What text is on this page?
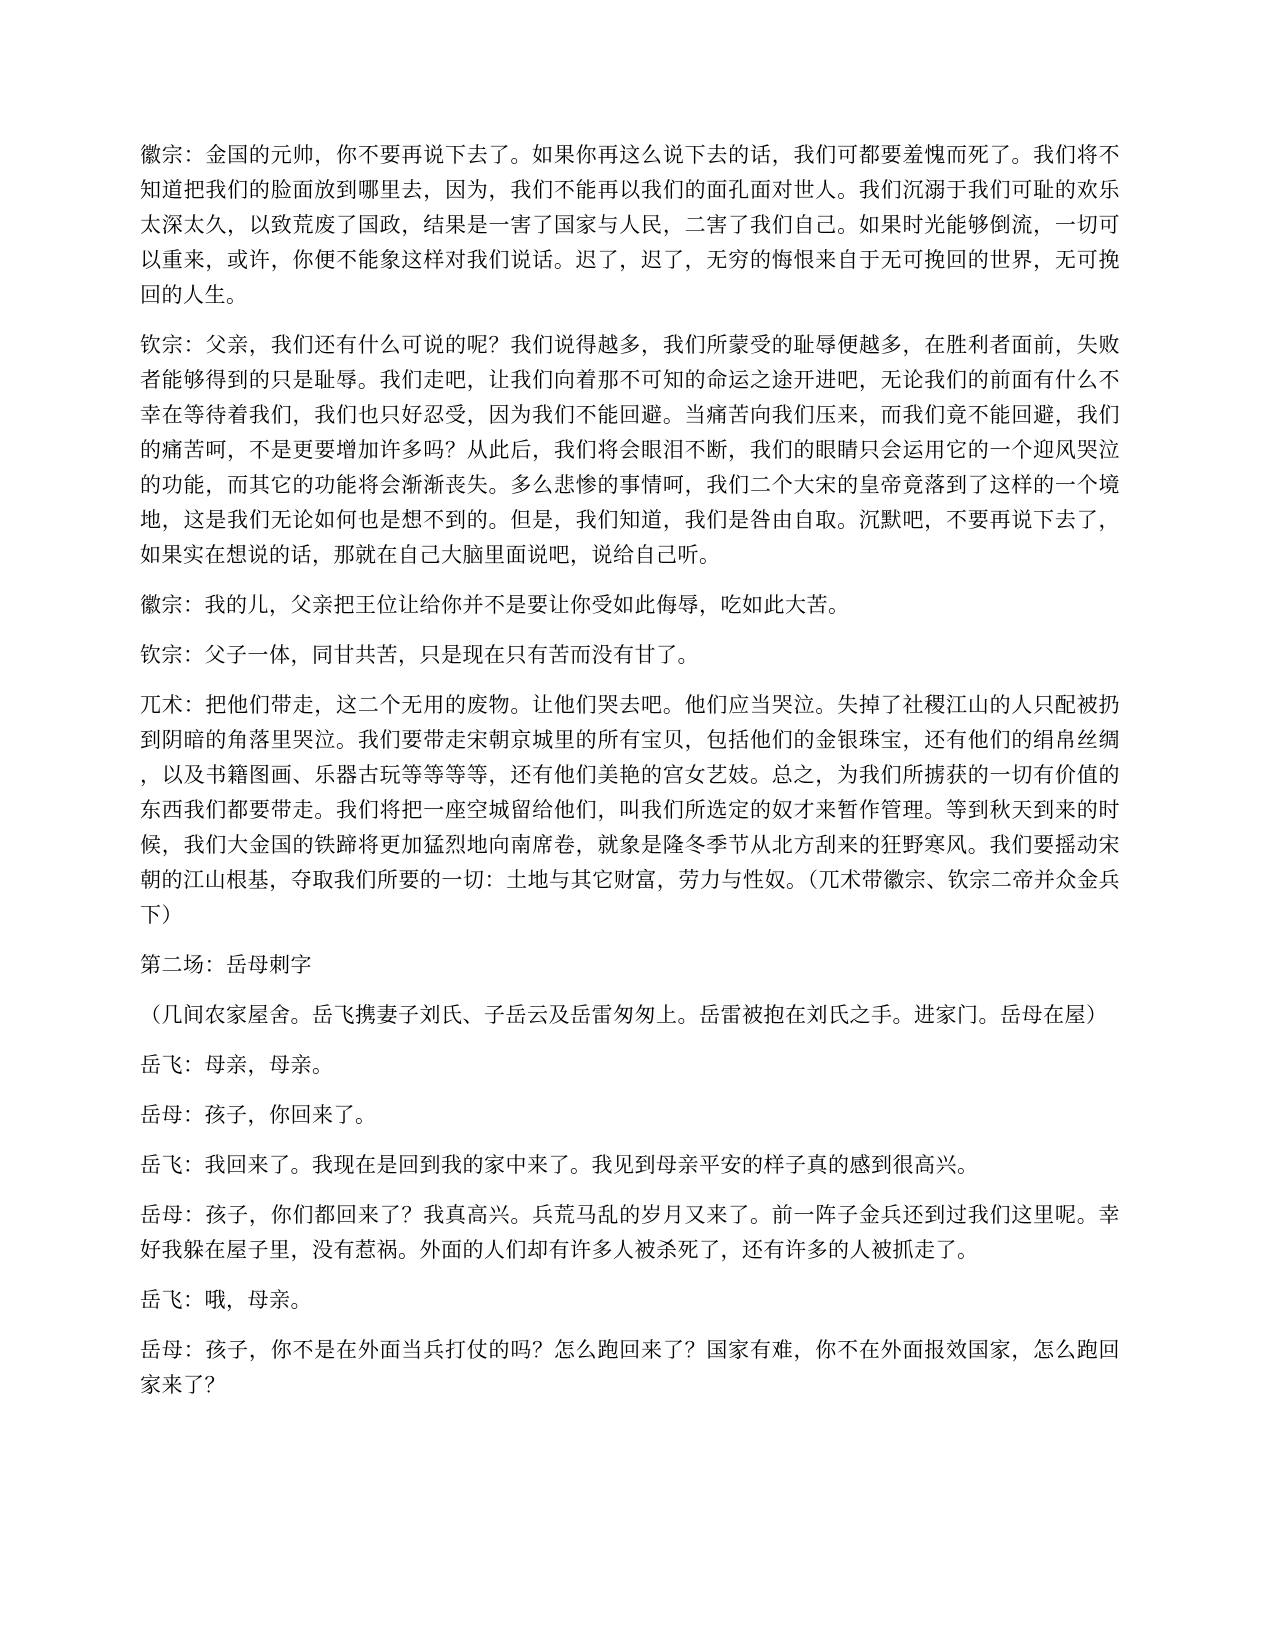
徽宗：金国的元帅，你不要再说下去了。如果你再这么说下去的话，我们可都要羞愧而死了。我们将不知道把我们的脸面放到哪里去，因为，我们不能再以我们的面孔面对世人。我们沉溺于我们可耻的欢乐太深太久，以致荒废了国政，结果是一害了国家与人民，二害了我们自己。如果时光能够倒流，一切可以重来，或许，你便不能象这样对我们说话。迟了，迟了，无穷的悔恨来自于无可挽回的世界，无可挽回的人生。

钦宗：父亲，我们还有什么可说的呢？我们说得越多，我们所蒙受的耻辱便越多，在胜利者面前，失败者能够得到的只是耻辱。我们走吧，让我们向着那不可知的命运之途开进吧，无论我们的前面有什么不幸在等待着我们，我们也只好忍受，因为我们不能回避。当痛苦向我们压来，而我们竟不能回避，我们的痛苦呵，不是更要增加许多吗？从此后，我们将会眼泪不断，我们的眼睛只会运用它的一个迎风哭泣的功能，而其它的功能将会渐渐丧失。多么悲惨的事情呵，我们二个大宋的皇帝竟落到了这样的一个境地，这是我们无论如何也是想不到的。但是，我们知道，我们是咎由自取。沉默吧，不要再说下去了，如果实在想说的话，那就在自己大脑里面说吧，说给自己听。

徽宗：我的儿，父亲把王位让给你并不是要让你受如此侮辱，吃如此大苦。

钦宗：父子一体，同甘共苦，只是现在只有苦而没有甘了。

兀术：把他们带走，这二个无用的废物。让他们哭去吧。他们应当哭泣。失掉了社稷江山的人只配被扔到阴暗的角落里哭泣。我们要带走宋朝京城里的所有宝贝，包括他们的金银珠宝，还有他们的绢帛丝绸，以及书籍图画、乐器古玩等等等等，还有他们美艳的宫女艺妓。总之，为我们所掳获的一切有价值的东西我们都要带走。我们将把一座空城留给他们，叫我们所选定的奴才来暂作管理。等到秋天到来的时候，我们大金国的铁蹄将更加猛烈地向南席卷，就象是隆冬季节从北方刮来的狂野寒风。我们要摇动宋朝的江山根基，夺取我们所要的一切：土地与其它财富，劳力与性奴。（兀术带徽宗、钦宗二帝并众金兵下）

第二场：岳母刺字

（几间农家屋舍。岳飞携妻子刘氏、子岳云及岳雷匆匆上。岳雷被抱在刘氏之手。进家门。岳母在屋）

岳飞：母亲，母亲。

岳母：孩子，你回来了。

岳飞：我回来了。我现在是回到我的家中来了。我见到母亲平安的样子真的感到很高兴。

岳母：孩子，你们都回来了？我真高兴。兵荒马乱的岁月又来了。前一阵子金兵还到过我们这里呢。幸好我躲在屋子里，没有惹祸。外面的人们却有许多人被杀死了，还有许多的人被抓走了。

岳飞：哦，母亲。

岳母：孩子，你不是在外面当兵打仗的吗？怎么跑回来了？国家有难，你不在外面报效国家，怎么跑回家来了？
